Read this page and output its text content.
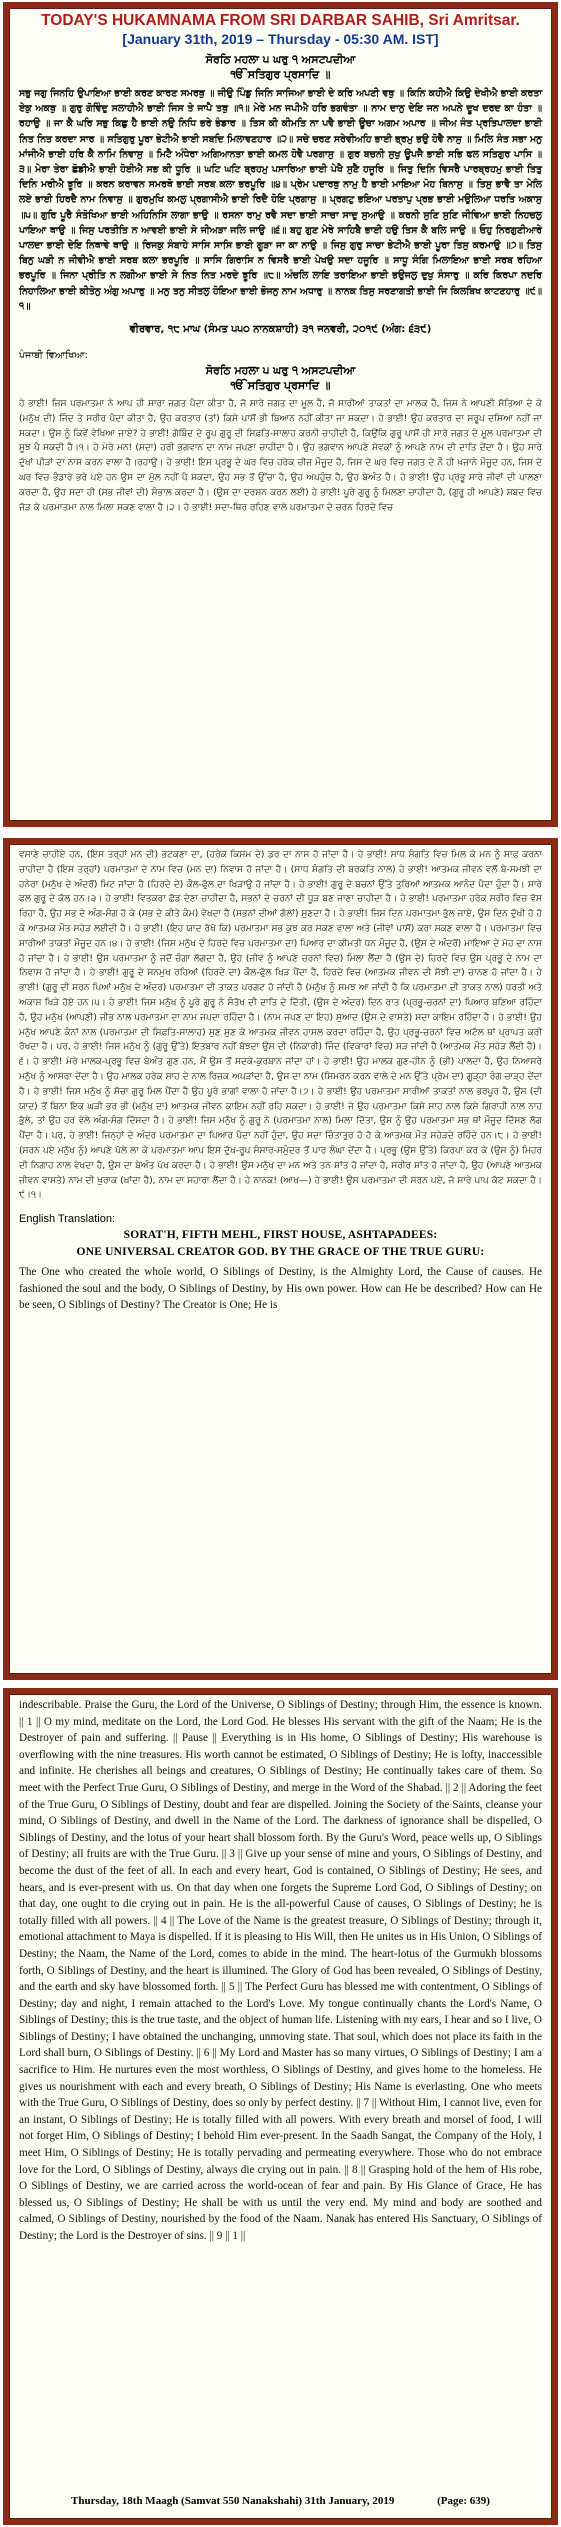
TODAY'S HUKAMNAMA FROM SRI DARBAR SAHIB, Sri Amritsar.
[January 31th, 2019 – Thursday - 05:30 AM. IST]
ਸੋਰਠਿ ਮਹਲਾ ੫ ਘਰੁ ੧ ਅਸਟਪਦੀਆ
ੴ ਸਤਿਗੁਰ ਪ੍ਰਸਾਦਿ ॥
ਸਭੁ ਜਗੁ ਜਿਨਹਿ ਉਪਾਇਆ ਭਾਈ ਕਰਣ ਕਾਰਣ ਸਮਰਥੁ ॥ ਜੀਉ ਪਿੰਡੁ ਜਿਨਿ ਸਾਜਿਆ ਭਾਈ ਦੇ ਕਰਿ ਅਪਣੀ ਵਥੁ ॥ ਕਿਨਿ ਕਹੀਐ ਕਿਉ ਦੇਖੀਐ ਭਾਈ ਕਰਤਾ ਏਕੁ ਅਕਥੁ ॥ ਗੁਰੁ ਗੋਵਿੰਦੁ ਸਲਾਹੀਐ ਭਾਈ ਜਿਸ ਤੇ ਜਾਪੈ ਤਥੁ ॥੧॥ ਮੇਰੇ ਮਨ ਜਪੀਐ ਹਰਿ ਭਗਵੰਤਾ ॥ ਨਾਮ ਦਾਨੁ ਦੇਇ ਜਨ ਅਪਨੇ ਦੂਖ ਦਰਦ ਕਾ ਹੰਤਾ ॥ ਰਹਾਉ ॥ ਜਾ ਕੈ ਘਰਿ ਸਭੁ ਕਿਛੁ ਹੈ ਭਾਈ ਨਉ ਨਿਧਿ ਭਰੇ ਭੰਡਾਰ ॥ ਤਿਸ ਕੀ ਕੀਮਤਿ ਨਾ ਪਵੈ ਭਾਈ ਊਚਾ ਅਗਮ ਅਪਾਰ ॥ ਜੀਅ ਜੰਤ ਪ੍ਰਤਿਪਾਲਦਾ ਭਾਈ ਨਿਤ ਨਿਤ ਕਰਦਾ ਸਾਰ ॥ ਸਤਿਗੁਰੁ ਪੂਰਾ ਭੇਟੀਐ ਭਾਈ ਸਬਦਿ ਮਿਲਾਵਣਹਾਰ ॥੨॥ ਸਚੇ ਚਰਣ ਸਰੇਵੀਅਹਿ ਭਾਈ ਭ੍ਰਮੁ ਭਉ ਹੋਵੈ ਨਾਸੁ ॥ ਮਿਲਿ ਸੰਤ ਸਭਾ ਮਨੁ ਮਾਂਜੀਐ ਭਾਈ ਹਰਿ ਕੈ ਨਾਮਿ ਨਿਵਾਸੁ ॥ ਮਿਟੈ ਅੰਧੇਰਾ ਅਗਿਆਨਤਾ ਭਾਈ ਕਮਲ ਹੋਵੈ ਪਰਗਾਸੁ ॥ ਗੁਰ ਬਚਨੀ ਸੁਖੁ ਊਪਜੈ ਭਾਈ ਸਭਿ ਫਲ ਸਤਿਗੁਰ ਪਾਸਿ ॥੩॥ ਮੇਰਾ ਤੇਰਾ ਛੋਡੀਐ ਭਾਈ ਹੋਈਐ ਸਭ ਕੀ ਧੂਰਿ ॥ ਘਟਿ ਘਟਿ ਬ੍ਰਹਮੁ ਪਸਾਰਿਆ ਭਾਈ ਪੇਖੈ ਸੁਣੈ ਹਜੂਰਿ ॥ ਜਿਤੁ ਦਿਨਿ ਵਿਸਰੈ ਪਾਰਬ੍ਰਹਮੁ ਭਾਈ ਤਿਤੁ ਦਿਨਿ ਮਰੀਐ ਝੂਰਿ ॥ ਕਰਨ ਕਰਾਵਨ ਸਮਰਥੋ ਭਾਈ ਸਰਬ ਕਲਾ ਭਰਪੂਰਿ ॥੪॥ ਪ੍ਰੇਮ ਪਦਾਰਥੁ ਨਾਮੁ ਹੈ ਭਾਈ ਮਾਇਆ ਮੋਹ ਬਿਨਾਸੁ ॥ ਤਿਸੁ ਭਾਵੈ ਤਾ ਮੇਲਿ ਲਏ ਭਾਈ ਹਿਰਦੈ ਨਾਮ ਨਿਵਾਸੁ ॥ ਗੁਰਮੁਖਿ ਕਮਲੁ ਪ੍ਰਗਾਸੀਐ ਭਾਈ ਰਿਦੈ ਹੋਇ ਪ੍ਰਗਾਸੁ ॥ ਪ੍ਰਗਟੁ ਭਇਆ ਪਰਤਾਪੁ ਪ੍ਰਭ ਭਾਈ ਮਉਲਿਆ ਧਰਤਿ ਅਕਾਸੁ ॥੫॥ ਗੁਰਿ ਪੂਰੈ ਸੰਤੋਖਿਆ ਭਾਈ ਅਹਿਨਿਸਿ ਲਾਗਾ ਭਾਉ ॥ ਰਸਨਾ ਰਾਮੁ ਰਵੈ ਸਦਾ ਭਾਈ ਸਾਚਾ ਸਾਦੁ ਸੁਆਉ ॥ ਕਰਨੀ ਸੁਣਿ ਸੁਣਿ ਜੀਵਿਆ ਭਾਈ ਨਿਹਚਲੁ ਪਾਇਆ ਥਾਉ ॥ ਜਿਸੁ ਪਰਤੀਤਿ ਨ ਆਵਈ ਭਾਈ ਸੋ ਜੀਅੜਾ ਜਲਿ ਜਾਉ ॥੬॥ ਬਹੁ ਗੁਣ ਮੇਰੇ ਸਾਹਿਬੈ ਭਾਈ ਹਉ ਤਿਸ ਕੈ ਬਲਿ ਜਾਉ ॥ ਓਹੁ ਨਿਰਗੁਣੀਆਰੇ ਪਾਲਦਾ ਭਾਈ ਦੇਇ ਨਿਥਾਵੇ ਥਾਉ ॥ ਰਿਜਕੁ ਸੰਬਾਹੇ ਸਾਸਿ ਸਾਸਿ ਭਾਈ ਗੂੜਾ ਜਾ ਕਾ ਨਾਉ ॥ ਜਿਸੁ ਗੁਰੁ ਸਾਚਾ ਭੇਟੀਐ ਭਾਈ ਪੂਰਾ ਤਿਸੁ ਕਰਮਾਉ ॥੭॥ ਤਿਸੁ ਬਿਨੁ ਘੜੀ ਨ ਜੀਵੀਐ ਭਾਈ ਸਰਬ ਕਲਾ ਭਰਪੂਰਿ ॥ ਸਾਸਿ ਗਿਰਾਸਿ ਨ ਵਿਸਰੈ ਭਾਈ ਪੇਖਉ ਸਦਾ ਹਜੂਰਿ ॥ ਸਾਧੂ ਸੰਗਿ ਮਿਲਾਇਆ ਭਾਈ ਸਰਬ ਰਹਿਆ ਭਰਪੂਰਿ ॥ ਜਿਨਾ ਪ੍ਰੀਤਿ ਨ ਲਗੀਆ ਭਾਈ ਸੇ ਨਿਤ ਨਿਤ ਮਰਦੇ ਝੂਰਿ ॥੮॥ ਅੰਚਲਿ ਲਾਇ ਤਰਾਇਆ ਭਾਈ ਭਉਜਲੁ ਦੁਖੁ ਸੰਸਾਰੁ ॥ ਕਰਿ ਕਿਰਪਾ ਨਦਰਿ ਨਿਹਾਲਿਆ ਭਾਈ ਕੀਤੋਨੁ ਅੰਗੁ ਅਪਾਰੁ ॥ ਮਨੁ ਤਨੁ ਸੀਤਲੁ ਹੋਇਆ ਭਾਈ ਭੋਜਨੁ ਨਾਮ ਅਧਾਰੁ ॥ ਨਾਨਕ ਤਿਸੁ ਸਰਣਾਗਤੀ ਭਾਈ ਜਿ ਕਿਲਬਿਖ ਕਾਟਣਹਾਰੁ ॥੯॥੧॥
ਵੀਰਵਾਰ, ੧੮ ਮਾਘ (ਸੰਮਤ ੫੫੦ ਨਾਨਕਸ਼ਾਹੀ) ੩੧ ਜਨਵਰੀ, ੨੦੧੯ (ਅੰਗ: ੬੩੯)
ਪੰਜਾਬੀ ਵਿਆਖਿਆ:
ਸੋਰਠਿ ਮਹਲਾ ੫ ਘਰੁ ੧ ਅਸਟਪਦੀਆ
ੴ ਸਤਿਗੁਰ ਪ੍ਰਸਾਦਿ ॥
ਹੇ ਭਾਈ! ਜਿਸ ਪਰਮਾਤਮਾ ਨੇ ਆਪ ਹੀ ਸਾਰਾ ਜਗਤ ਪੈਦਾ ਕੀਤਾ ਹੈ, ਜੋ ਸਾਰੇ ਜਗਤ ਦਾ ਮੂਲ ਹੈ, ਜੋ ਸਾਰੀਆਂ ਤਾਕਤਾਂ ਦਾ ਮਾਲਕ ਹੈ, ਜਿਸ ਨੇ ਆਪਣੀ ਸੱਤਿਆ ਦੇ ਕੇ (ਮਨੁੱਖ ਦੀ) ਜਿੰਦ ਤੇ ਸਰੀਰ ਪੈਦਾ ਕੀਤਾ ਹੈ, ਉਹ ਕਰਤਾਰ (ਤਾਂ) ਕਿਸੇ ਪਾਸੋਂ ਭੀ ਬਿਆਨ ਨਹੀਂ ਕੀਤਾ ਜਾ ਸਕਦਾ। ਹੇ ਭਾਈ! ਉਹ ਕਰਤਾਰ ਦਾ ਸਰੂਪ ਦਸਿਆ ਨਹੀਂ ਜਾ ਸਕਦਾ। ਉਸ ਨੂੰ ਕਿਵੇਂ ਵੇਖਿਆ ਜਾਏ? ਹੇ ਭਾਈ! ਗੋਬਿੰਦ ਦੇ ਰੂਪ ਗੁਰੂ ਦੀ ਸਿਫ਼ਤਿ-ਸਾਲਾਹ ਕਰਨੀ ਚਾਹੀਦੀ ਹੈ, ਕਿਉਂਕਿ ਗੁਰੂ ਪਾਸੋਂ ਹੀ ਸਾਰੇ ਜਗਤ ਦੇ ਮੂਲ ਪਰਮਾਤਮਾ ਦੀ ਸੂਝ ਪੈ ਸਕਦੀ ਹੈ।੧। ਹੇ ਮੇਰੇ ਮਨ! (ਸਦਾ) ਹਰੀ ਭਗਵਾਨ ਦਾ ਨਾਮ ਜਪਣਾ ਚਾਹੀਦਾ ਹੈ। ਉਹ ਭਗਵਾਨ ਆਪਣੇ ਸੇਵਕਾਂ ਨੂੰ ਆਪਣੇ ਨਾਮ ਦੀ ਦਾਤਿ ਦੇਂਦਾ ਹੈ। ਉਹ ਸਾਰੇ ਦੁੱਖਾਂ ਪੀੜਾਂ ਦਾ ਨਾਸ ਕਰਨ ਵਾਲਾ ਹੈ।ਰਹਾਉ। ਹੇ ਭਾਈ! ਇਸ ਪ੍ਰਭੂ ਦੇ ਘਰ ਵਿਚ ਹਰੇਕ ਚੀਜ਼ ਮੌਜੂਦ ਹੈ, ਜਿਸ ਦੇ ਘਰ ਵਿਚ ਜਗਤ ਦੇ ਨੌ ਹੀ ਖ਼ਜ਼ਾਨੇ ਮੌਜੂਦ ਹਨ, ਜਿਸ ਦੇ ਘਰ ਵਿਚ ਭੰਡਾਰੇ ਭਰੇ ਪਏ ਹਨ ਉਸ ਦਾ ਮੁੱਲ ਨਹੀਂ ਪੈ ਸਕਦਾ, ਉਹ ਸਭ ਤੋਂ ਉੱਚਾ ਹੈ, ਉਹ ਅਪਹੁੰਚ ਹੈ, ਉਹ ਬੇਅੰਤ ਹੈ। ਹੇ ਭਾਈ! ਉਹ ਪ੍ਰਭੂ ਸਾਰੇ ਜੀਵਾਂ ਦੀ ਪਾਲਣਾ ਕਰਦਾ ਹੈ, ਉਹ ਸਦਾ ਹੀ (ਸਭ ਜੀਵਾਂ ਦੀ) ਸੰਭਾਲ ਕਰਦਾ ਹੈ। (ਉਸ ਦਾ ਦਰਸ਼ਨ ਕਰਨ ਲਈ) ਹੇ ਭਾਈ! ਪੂਰੇ ਗੁਰੂ ਨੂੰ ਮਿਲਣਾ ਚਾਹੀਦਾ ਹੈ, (ਗੁਰੂ ਹੀ ਆਪਣੇ) ਸ਼ਬਦ ਵਿਚ ਜੋੜ ਕੇ ਪਰਮਾਤਮਾ ਨਾਲ ਮਿਲਾ ਸਕਣ ਵਾਲਾ ਹੈ।੨। ਹੇ ਭਾਈ! ਸਦਾ-ਥਿਰ ਰਹਿਣ ਵਾਲੇ ਪਰਮਾਤਮਾ ਦੇ ਚਰਨ ਹਿਰਦੇ ਵਿਚ
ਵਸਾਣੇ ਚਾਹੀਏ ਹਨ, (ਇਸ ਤਰ੍ਹਾਂ ਮਨ ਦੀ) ਭਟਕਣਾ ਦਾ, (ਹਰੇਕ ਕਿਸਮ ਦੇ) ਡਰ ਦਾ ਨਾਸ ਹੋ ਜਾਂਦਾ ਹੈ। ਹੇ ਭਾਈ! ਸਾਧ ਸੰਗਤਿ ਵਿਚ ਮਿਲ ਕੇ ਮਨ ਨੂੰ ਸਾਫ਼ ਕਰਨਾ ਚਾਹੀਦਾ ਹੈ (ਇਸ ਤਰ੍ਹਾਂ) ਪਰਮਾਤਮਾ ਦੇ ਨਾਮ ਵਿਚ (ਮਨ ਦਾ) ਨਿਵਾਸ ਹੋ ਜਾਂਦਾ ਹੈ। (ਸਾਧ ਸੰਗਤਿ ਦੀ ਬਰਕਤਿ ਨਾਲ) ਹੇ ਭਾਈ! ਆਤਮਕ ਜੀਵਨ ਵਲੋਂ ਬੇ-ਸਮਝੀ ਦਾ ਹਨੇਰਾ (ਮਨੁੱਖ ਦੇ ਅੰਦਰੋਂ) ਮਿਟ ਜਾਂਦਾ ਹੈ (ਹਿਰਦੇ ਦੇ) ਕੌਲ-ਫੁੱਲ ਦਾ ਖਿੜਾਉ ਹੋ ਜਾਂਦਾ ਹੈ। ਹੇ ਭਾਈ! ਗੁਰੂ ਦੇ ਬਚਨਾਂ ਉੱਤੇ ਤੁਰਿਆਂ ਆਤਮਕ ਆਨੰਦ ਪੈਦਾ ਹੁੰਦਾ ਹੈ। ਸਾਰੇ ਫਲ ਗੁਰੂ ਦੇ ਕੋਲ ਹਨ।੩। ਹੇ ਭਾਈ! ਵਿਤਕਰਾ ਛੱਡ ਦੇਣਾ ਚਾਹੀਦਾ ਹੈ, ਸਭਨਾਂ ਦੇ ਚਰਨਾਂ ਦੀ ਧੂੜ ਬਣ ਜਾਣਾ ਚਾਹੀਦਾ ਹੈ। ਹੇ ਭਾਈ! ਪਰਮਾਤਮਾ ਹਰੇਕ ਸਰੀਰ ਵਿਚ ਵੱਸ ਰਿਹਾ ਹੈ, ਉਹ ਸਭ ਦੇ ਅੰਗ-ਸੰਗ ਹੋ ਕੇ (ਸਭ ਦੇ ਕੀਤੇ ਕੰਮ) ਵੇਖਦਾ ਹੈ (ਸਭਨਾਂ ਦੀਆਂ ਗੱਲਾਂ) ਸੁਣਦਾ ਹੈ। ਹੇ ਭਾਈ! ਜਿਸ ਦਿਨ ਪਰਮਾਤਮਾ ਭੁੱਲ ਜਾਏ, ਉਸ ਦਿਨ ਦੁੱਖੀ ਹੋ ਹੋ ਕੇ ਆਤਮਕ ਮੌਤ ਸਹੇੜ ਲਈਦੀ ਹੈ। ਹੇ ਭਾਈ! (ਇਹ ਯਾਦ ਰੱਖੋ ਕਿ) ਪਰਮਾਤਮਾ ਸਭ ਕੁਝ ਕਰ ਸਕਣ ਵਾਲਾ ਅਤੇ (ਜੀਵਾਂ ਪਾਸੋਂ) ਕਰਾ ਸਕਣ ਵਾਲਾ ਹੈ। ਪਰਮਾਤਮਾ ਵਿਚ ਸਾਰੀਆਂ ਤਾਕਤਾਂ ਮੌਜੂਦ ਹਨ।੪। ਹੇ ਭਾਈ! (ਜਿਸ ਮਨੁੱਖ ਦੇ ਹਿਰਦੇ ਵਿਚ ਪਰਮਾਤਮਾ ਦਾ) ਪਿਆਰ ਦਾ ਕੀਮਤੀ ਧਨ ਮੌਜੂਦ ਹੈ, (ਉਸ ਦੇ ਅੰਦਰੋਂ) ਮਾਇਆ ਦੇ ਮੋਹ ਦਾ ਨਾਸ ਹੋ ਜਾਂਦਾ ਹੈ। ਹੇ ਭਾਈ! ਉਸ ਪਰਮਾਤਮਾ ਨੂੰ ਜਦੋਂ ਚੰਗਾ ਲੱਗਦਾ ਹੈ, ਉਹ (ਜੀਵ ਨੂੰ ਆਪਣੇ ਚਰਨਾਂ ਵਿਚ) ਮਿਲਾ ਲੈਂਦਾ ਹੈ (ਉਸ ਦੇ) ਹਿਰਦੇ ਵਿਚ ਉਸ ਪ੍ਰਭੂ ਦੇ ਨਾਮ ਦਾ ਨਿਵਾਸ ਹੋ ਜਾਂਦਾ ਹੈ। ਹੇ ਭਾਈ! ਗੁਰੂ ਦੇ ਸਨਮੁਖ ਰਹਿਆਂ (ਹਿਰਦੇ ਦਾ) ਕੌਲ-ਫੁੱਲ ਖਿੜ ਪੈਂਦਾ ਹੈ, ਹਿਰਦੇ ਵਿਚ (ਆਤਮਕ ਜੀਵਨ ਦੀ ਸੋਝੀ ਦਾ) ਚਾਨਣ ਹੋ ਜਾਂਦਾ ਹੈ। ਹੇ ਭਾਈ! (ਗੁਰੂ ਦੀ ਸਰਨ ਪਿਆਂ ਮਨੁੱਖ ਦੇ ਅੰਦਰ) ਪਰਮਾਤਮਾ ਦੀ ਤਾਕਤ ਪਰਗਟ ਹੋ ਜਾਂਦੀ ਹੈ (ਮਨੁੱਖ ਨੂੰ ਸਮਝ ਆ ਜਾਂਦੀ ਹੈ ਕਿ ਪਰਮਾਤਮਾ ਦੀ ਤਾਕਤ ਨਾਲ) ਧਰਤੀ ਅਤੇ ਅਕਾਸ਼ ਖਿੜੇ ਹੋਏ ਹਨ।੫। ਹੇ ਭਾਈ! ਜਿਸ ਮਨੁੱਖ ਨੂੰ ਪੂਰੇ ਗੁਰੂ ਨੇ ਸੰਤੋਖ ਦੀ ਦਾਤਿ ਦੇ ਦਿੱਤੀ, (ਉਸ ਦੇ ਅੰਦਰ) ਦਿਨ ਰਾਤ (ਪ੍ਰਭੂ-ਚਰਨਾਂ ਦਾ) ਪਿਆਰ ਬਣਿਆ ਰਹਿੰਦਾ ਹੈ, ਉਹ ਮਨੁੱਖ (ਆਪਣੀ) ਜੀਭ ਨਾਲ ਪਰਮਾਤਮਾ ਦਾ ਨਾਮ ਜਪਦਾ ਰਹਿੰਦਾ ਹੈ। (ਨਾਮ ਜਪਣ ਦਾ ਇਹ) ਸੁਆਦ (ਉਸ ਦੇ ਵਾਸਤੇ) ਸਦਾ ਕਾਇਮ ਰਹਿੰਦਾ ਹੈ। ਹੇ ਭਾਈ! ਉਹ ਮਨੁੱਖ ਆਪਣੇ ਕੰਨਾਂ ਨਾਲ (ਪਰਮਾਤਮਾ ਦੀ ਸਿਫ਼ਤਿ-ਸਾਲਾਹ) ਸੁਣ ਸੁਣ ਕੇ ਆਤਮਕ ਜੀਵਨ ਹਾਸਲ ਕਰਦਾ ਰਹਿੰਦਾ ਹੈ, ਉਹ ਪ੍ਰਭੂ-ਚਰਨਾਂ ਵਿਚ ਅਟੱਲ ਥਾਂ ਪ੍ਰਾਪਤ ਕਰੀ ਰੱਖਦਾ ਹੈ। ਪਰ, ਹੇ ਭਾਈ! ਜਿਸ ਮਨੁੱਖ ਨੂੰ (ਗੁਰੂ ਉੱਤੇ) ਇਤਬਾਰ ਨਹੀਂ ਬੱਝਦਾ ਉਸ ਦੀ (ਨਿਕਾਰੀ) ਜਿੰਦ (ਵਿਕਾਰਾਂ ਵਿਚ) ਸੜ ਜਾਂਦੀ ਹੈ (ਆਤਮਕ ਮੌਤ ਸਹੇੜ ਲੈਂਦੀ ਹੈ)।੬। ਹੇ ਭਾਈ! ਮੇਰੇ ਮਾਲਕ-ਪ੍ਰਭੂ ਵਿਚ ਬੇਅੰਤ ਗੁਣ ਹਨ, ਮੈਂ ਉਸ ਤੋਂ ਸਦਕੇ-ਕੁਰਬਾਨ ਜਾਂਦਾ ਹਾਂ। ਹੇ ਭਾਈ! ਉਹ ਮਾਲਕ ਗੁਣ-ਹੀਨ ਨੂੰ (ਭੀ) ਪਾਲਦਾ ਹੈ, ਉਹ ਨਿਆਸਰੇ ਮਨੁੱਖ ਨੂੰ ਆਸਰਾ ਦੇਂਦਾ ਹੈ। ਉਹ ਮਾਲਕ ਹਰੇਕ ਸਾਹ ਦੇ ਨਾਲ ਰਿਜ਼ਕ ਅਪੜਾਂਦਾ ਹੈ, ਉਸ ਦਾ ਨਾਮ (ਸਿਮਰਨ ਕਰਨ ਵਾਲੇ ਦੇ ਮਨ ਉੱਤੇ ਪ੍ਰੇਮ ਦਾ) ਗੂੜ੍ਹਾ ਰੰਗ ਚਾੜ੍ਹ ਦੇਂਦਾ ਹੈ। ਹੇ ਭਾਈ! ਜਿਸ ਮਨੁੱਖ ਨੂੰ ਸੱਚਾ ਗੁਰੂ ਮਿਲ ਪੈਂਦਾ ਹੈ ਉਹ ਪੂਰੇ ਭਾਗਾਂ ਵਾਲਾ ਹੋ ਜਾਂਦਾ ਹੈ।੭। ਹੇ ਭਾਈ! ਉਹ ਪਰਮਾਤਮਾ ਸਾਰੀਆਂ ਤਾਕਤਾਂ ਨਾਲ ਭਰਪੂਰ ਹੈ, ਉਸ (ਦੀ ਯਾਦ) ਤੋਂ ਬਿਨਾ ਇਕ ਘੜੀ ਭਰ ਭੀ (ਮਨੁੱਖ ਦਾ) ਆਤਮਕ ਜੀਵਨ ਕਾਇਮ ਨਹੀਂ ਰਹਿ ਸਕਦਾ। ਹੇ ਭਾਈ! ਜੇ ਉਹ ਪਰਮਾਤਮਾ ਕਿਸੇ ਸਾਹ ਨਾਲ ਕਿਸੇ ਗਿਰਾਹੀ ਨਾਲ ਨਾਹ ਭੁੱਲੇ, ਤਾਂ ਉਹ ਹਰ ਵੇਲੇ ਅੰਗ-ਸੰਗ ਦਿੱਸਦਾ ਹੈ। ਹੇ ਭਾਈ! ਜਿਸ ਮਨੁੱਖ ਨੂੰ ਗੁਰੂ ਨੇ (ਪਰਮਾਤਮਾ ਨਾਲ) ਮਿਲਾ ਦਿੱਤਾ, ਉਸ ਨੂੰ ਉਹ ਪਰਮਾਤਮਾ ਸਭ ਥਾਂ ਮੌਜੂਦ ਦਿੱਸਣ ਲੱਗ ਪੈਂਦਾ ਹੈ। ਪਰ, ਹੇ ਭਾਈ! ਜਿਨ੍ਹਾਂ ਦੇ ਅੰਦਰ ਪਰਮਾਤਮਾ ਦਾ ਪਿਆਰ ਪੈਦਾ ਨਹੀਂ ਹੁੰਦਾ, ਉਹ ਸਦਾ ਚਿੰਤਾਤੁਰ ਹੋ ਹੋ ਕੇ ਆਤਮਕ ਮੌਤ ਸਹੇੜਦੇ ਰਹਿੰਦੇ ਹਨ।੮। ਹੇ ਭਾਈ! (ਸਰਨ ਪਏ ਮਨੁੱਖ ਨੂੰ) ਆਪਣੇ ਪੱਲੇ ਲਾ ਕੇ ਪਰਮਾਤਮਾ ਆਪ ਇਸ ਦੁੱਖ-ਰੂਪ ਸੰਸਾਰ-ਸਮੁੰਦਰ ਤੋਂ ਪਾਰ ਲੰਘਾ ਦੇਂਦਾ ਹੈ। ਪ੍ਰਭੂ (ਉਸ ਉੱਤੇ) ਕਿਰਪਾ ਕਰ ਕੇ (ਉਸ ਨੂੰ) ਮਿਹਰ ਦੀ ਨਿਗਾਹ ਨਾਲ ਵੇਖਦਾ ਹੈ, ਉਸ ਦਾ ਬੇਅੰਤ ਪੱਖ ਕਰਦਾ ਹੈ। ਹੇ ਭਾਈ! ਉਸ ਮਨੁੱਖ ਦਾ ਮਨ ਅਤੇ ਤਨ ਸ਼ਾਂਤ ਹੋ ਜਾਂਦਾ ਹੈ, ਸਰੀਰ ਸ਼ਾਂਤ ਹੋ ਜਾਂਦਾ ਹੈ, ਉਹ (ਆਪਣੇ ਆਤਮਕ ਜੀਵਨ ਵਾਸਤੇ) ਨਾਮ ਦੀ ਖ਼ੁਰਾਕ (ਖਾਂਦਾ ਹੈ), ਨਾਮ ਦਾ ਸਹਾਰਾ ਲੈਂਦਾ ਹੈ। ਹੇ ਨਾਨਕ! (ਆਖ—) ਹੇ ਭਾਈ! ਉਸ ਪਰਮਾਤਮਾ ਦੀ ਸਰਨ ਪਏ, ਜੋ ਸਾਰੇ ਪਾਪ ਕੱਟ ਸਕਦਾ ਹੈ।੯।੧।
English Translation:
SORAT'H, FIFTH MEHL, FIRST HOUSE, ASHTAPADEES:
ONE UNIVERSAL CREATOR GOD. BY THE GRACE OF THE TRUE GURU:
The One who created the whole world, O Siblings of Destiny, is the Almighty Lord, the Cause of causes. He fashioned the soul and the body, O Siblings of Destiny, by His own power. How can He be described? How can He be seen, O Siblings of Destiny? The Creator is One; He is
indescribable. Praise the Guru, the Lord of the Universe, O Siblings of Destiny; through Him, the essence is known. || 1 || O my mind, meditate on the Lord, the Lord God. He blesses His servant with the gift of the Naam; He is the Destroyer of pain and suffering. || Pause || Everything is in His home, O Siblings of Destiny; His warehouse is overflowing with the nine treasures. His worth cannot be estimated, O Siblings of Destiny; He is lofty, inaccessible and infinite. He cherishes all beings and creatures, O Siblings of Destiny; He continually takes care of them. So meet with the Perfect True Guru, O Siblings of Destiny, and merge in the Word of the Shabad. || 2 || Adoring the feet of the True Guru, O Siblings of Destiny, doubt and fear are dispelled. Joining the Society of the Saints, cleanse your mind, O Siblings of Destiny, and dwell in the Name of the Lord. The darkness of ignorance shall be dispelled, O Siblings of Destiny, and the lotus of your heart shall blossom forth. By the Guru's Word, peace wells up, O Siblings of Destiny; all fruits are with the True Guru. || 3 || Give up your sense of mine and yours, O Siblings of Destiny, and become the dust of the feet of all. In each and every heart, God is contained, O Siblings of Destiny; He sees, and hears, and is ever-present with us. On that day when one forgets the Supreme Lord God, O Siblings of Destiny; on that day, one ought to die crying out in pain. He is the all-powerful Cause of causes, O Siblings of Destiny; he is totally filled with all powers. || 4 || The Love of the Name is the greatest treasure, O Siblings of Destiny; through it, emotional attachment to Maya is dispelled. If it is pleasing to His Will, then He unites us in His Union, O Siblings of Destiny; the Naam, the Name of the Lord, comes to abide in the mind. The heart-lotus of the Gurmukh blossoms forth, O Siblings of Destiny, and the heart is illumined. The Glory of God has been revealed, O Siblings of Destiny, and the earth and sky have blossomed forth. || 5 || The Perfect Guru has blessed me with contentment, O Siblings of Destiny; day and night, I remain attached to the Lord's Love. My tongue continually chants the Lord's Name, O Siblings of Destiny; this is the true taste, and the object of human life. Listening with my ears, I hear and so I live, O Siblings of Destiny; I have obtained the unchanging, unmoving state. That soul, which does not place its faith in the Lord shall burn, O Siblings of Destiny. || 6 || My Lord and Master has so many virtues, O Siblings of Destiny; I am a sacrifice to Him. He nurtures even the most worthless, O Siblings of Destiny, and gives home to the homeless. He gives us nourishment with each and every breath, O Siblings of Destiny; His Name is everlasting. One who meets with the True Guru, O Siblings of Destiny, does so only by perfect destiny. || 7 || Without Him, I cannot live, even for an instant, O Siblings of Destiny; He is totally filled with all powers. With every breath and morsel of food, I will not forget Him, O Siblings of Destiny; I behold Him ever-present. In the Saadh Sangat, the Company of the Holy, I meet Him, O Siblings of Destiny; He is totally pervading and permeating everywhere. Those who do not embrace love for the Lord, O Siblings of Destiny, always die crying out in pain. || 8 || Grasping hold of the hem of His robe, O Siblings of Destiny, we are carried across the world-ocean of fear and pain. By His Glance of Grace, He has blessed us, O Siblings of Destiny; He shall be with us until the very end. My mind and body are soothed and calmed, O Siblings of Destiny, nourished by the food of the Naam. Nanak has entered His Sanctuary, O Siblings of Destiny; the Lord is the Destroyer of sins. || 9 || 1 ||
Thursday, 18th Maagh (Samvat 550 Nanakshahi) 31th January, 2019	(Page: 639)
